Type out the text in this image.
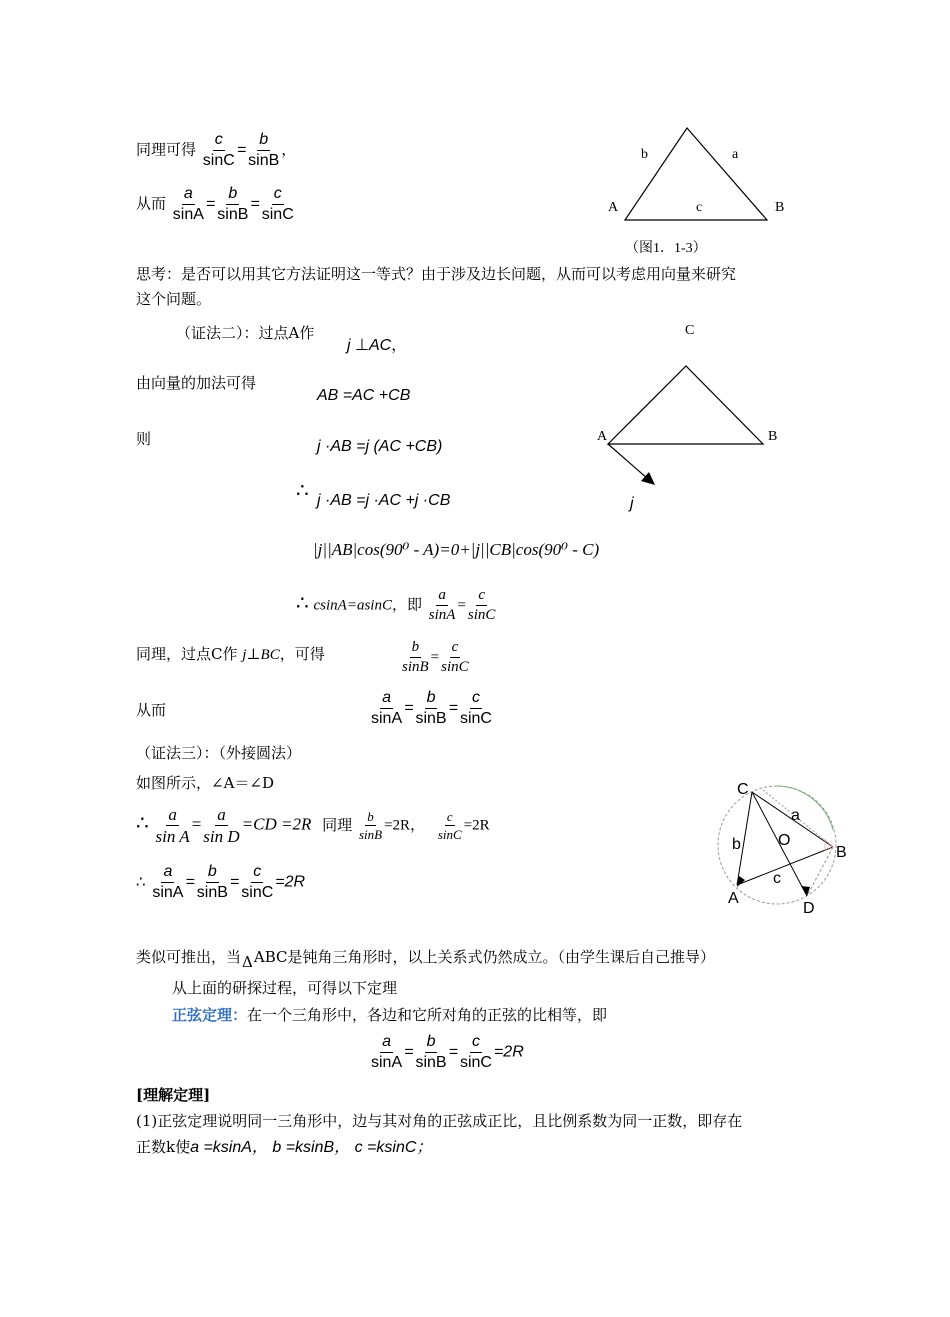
同理可得 $\frac{c}{\sin C} = \frac{b}{\sin B}$ ，
从而 $\frac{a}{\sin A} = \frac{b}{\sin B} = \frac{c}{\sin C}$	A	B
b	a
c
（图1．1-3）
思考：是否可以用其它方法证明这一等式？由于涉及边长问题，从而可以考虑用向量来研究
这个问题。
（证法二）：过点A作
j ⊥AC，
由向量的加法可得
AB =AC +CB
则	j ·AB =j (AC +CB)
∴ j ·AB =j ·AC +j ·CB
|j||AB|cos(90⁰ - A)=0+|j||CB|cos(90⁰ - C)
∴ csinA=asinC，即 $\frac{a}{\sin A} = \frac{c}{\sin C}$
C
A	B
j
同理，过点C作 j⊥BC，可得	$\frac{b}{\sin B} = \frac{c}{\sin C}$
从而	$\frac{a}{\sin A} = \frac{b}{\sin B} = \frac{c}{\sin C}$
（证法三）：（外接圆法）
如图所示，∠A＝∠D
∴ $\frac{a}{\text{sin A}} = \frac{a}{\text{sin D}} =CD =2R$ 同理 $\frac{b}{\sin B} =2R$， $\frac{c}{\sin C} =2R$
∴ $\frac{a}{\sin A} = \frac{b}{\sin B} = \frac{c}{\sin C} =2R$
C
B
A
D
O
a
b
c
类似可推出，当ΔABC是钝角三角形时，以上关系式仍然成立。（由学生课后自己推导）
从上面的研探过程，可得以下定理
正弦定理：在一个三角形中，各边和它所对角的正弦的比相等，即
$\frac{a}{\sin A} = \frac{b}{\sin B} = \frac{c}{\sin C} =2R$
[理解定理]
(1)正弦定理说明同一三角形中，边与其对角的正弦成正比，且比例系数为同一正数，即存在
正数k使a =ksinA， b =ksinB， c =ksinC；
